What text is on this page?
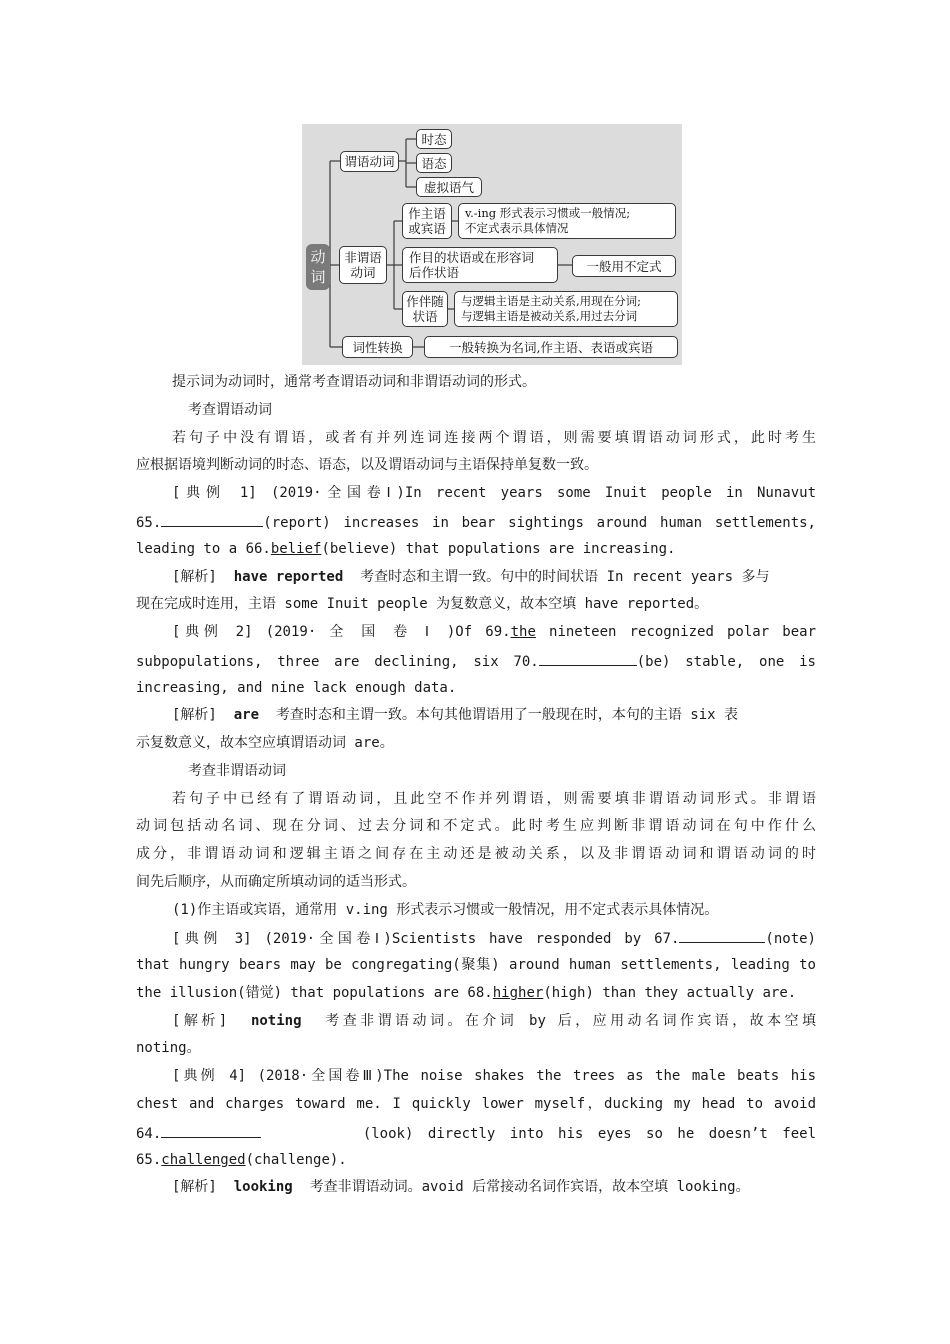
动
词
谓语动词
时态
语态
虚拟语气
非谓语
动词
作主语
或宾语
v.-ing 形式表示习惯或一般情况;
不定式表示具体情况
作目的状语或在形容词
后作状语	一般用不定式
作伴随
状语
与逻辑主语是主动关系,用现在分词;
与逻辑主语是被动关系,用过去分词
词性转换	一般转换为名词,作主语、表语或宾语
提示词为动词时，通常考查谓语动词和非谓语动词的形式。
考查谓语动词
若句子中没有谓语，或者有并列连词连接两个谓语，则需要填谓语动词形式，此时考生
应根据语境判断动词的时态、语态，以及谓语动词与主语保持单复数一致。
[典例 1] (2019·全国卷Ⅰ)In recent years some Inuit people in Nunavut
65.	(report) increases in bear sightings around human settlements,
leading to a 66.belief(believe) that populations are increasing.
[解析] have reported 考查时态和主谓一致。句中的时间状语 In recent years 多与
现在完成时连用，主语 some Inuit people 为复数意义，故本空填 have reported。
[典例 2] (2019· 全 国 卷 Ⅰ )Of 69.the nineteen recognized polar bear
subpopulations, three are declining, six 70.	(be) stable, one is
increasing, and nine lack enough data.
[解析] are 考查时态和主谓一致。本句其他谓语用了一般现在时，本句的主语 six 表
示复数意义，故本空应填谓语动词 are。
考查非谓语动词
若句子中已经有了谓语动词，且此空不作并列谓语，则需要填非谓语动词形式。非谓语
动词包括动名词、现在分词、过去分词和不定式。此时考生应判断非谓语动词在句中作什么
成分，非谓语动词和逻辑主语之间存在主动还是被动关系，以及非谓语动词和谓语动词的时
间先后顺序，从而确定所填动词的适当形式。
(1)作主语或宾语，通常用 v.ing 形式表示习惯或一般情况，用不定式表示具体情况。
[典例 3] (2019·全国卷Ⅰ)Scientists have responded by 67.	(note)
that hungry bears may be congregating(聚集) around human settlements, leading to
the illusion(错觉) that populations are 68.higher(high) than they actually are.
[解析] noting 考查非谓语动词。在介词 by 后，应用动名词作宾语，故本空填
noting。
[典例 4] (2018·全国卷Ⅲ)The noise shakes the trees as the male beats his
chest and charges toward me. I quickly lower myself，ducking my head to avoid
64.	(look) directly into his eyes so he doesn’t feel
65.challenged(challenge).
[解析] looking 考查非谓语动词。avoid 后常接动名词作宾语，故本空填 looking。
